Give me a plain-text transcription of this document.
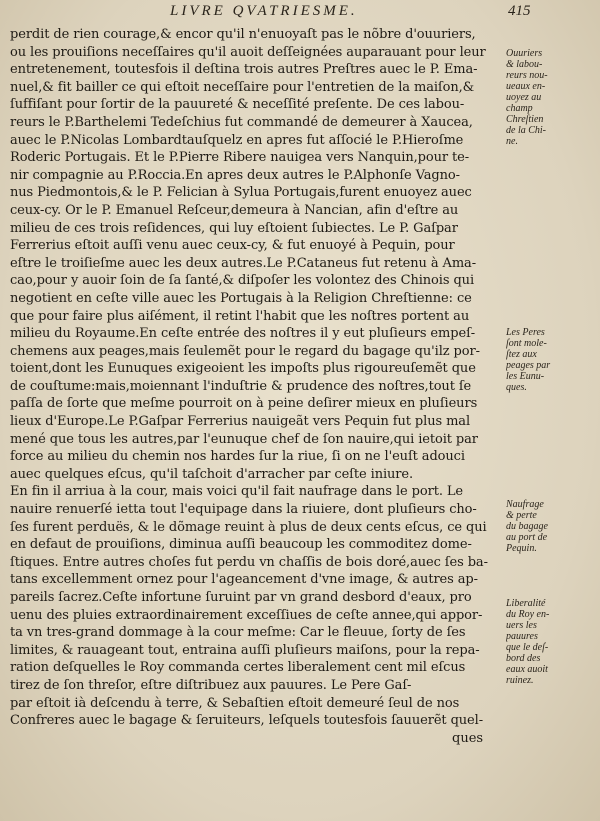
LIVRE QVATRIESME.	415
perdit de rien courage,& encor qu'il n'enuoyaſt pas le nõbre d'ouuriers,
ou les prouiſions neceſſaires qu'il auoit deſſeignées auparauant pour leur
entretenement, toutesfois il deſtina trois autres Preſtres auec le P. Ema-
nuel,& fit bailler ce qui eſtoit neceſſaire pour l'entretien de la maiſon,&
ſuffiſant pour ſortir de la pauureté & neceſſité preſente. De ces labou-
reurs le P.Barthelemi Tedeſchius fut commandé de demeurer à Xaucea,
auec le P.Nicolas Lombardtauſquelz en apres fut aſſocié le P.Hieroſme
Roderic Portugais. Et le P.Pierre Ribere nauigea vers Nanquin,pour te-
nir compagnie au P.Roccia.En apres deux autres le P.Alphonſe Vagno-
nus Piedmontois,& le P. Felician à Sylua Portugais,furent enuoyez auec
ceux-cy. Or le P. Emanuel Reſceur,demeura à Nancian, afin d'eſtre au
milieu de ces trois reſidences, qui luy eſtoient ſubiectes. Le P. Gaſpar
Ferrerius eſtoit auſſi venu auec ceux-cy, & fut enuoyé à Pequin, pour
eſtre le troiſieſme auec les deux autres.Le P.Cataneus fut retenu à Ama-
cao,pour y auoir ſoin de ſa ſanté,& diſpoſer les volontez des Chinois qui
negotient en ceſte ville auec les Portugais à la Religion Chreſtienne: ce
que pour faire plus aiſément, il retint l'habit que les noſtres portent au
milieu du Royaume.En ceſte entrée des noſtres il y eut pluſieurs empeſ-
chemens aux peages,mais ſeulemẽt pour le regard du bagage qu'ilz por-
toient,dont les Eunuques exigeoient les impoſts plus rigoureuſemẽt que
de couſtume:mais,moiennant l'induſtrie & prudence des noſtres,tout ſe
paſſa de ſorte que meſme pourroit on à peine deſirer mieux en pluſieurs
lieux d'Europe.Le P.Gaſpar Ferrerius nauigeãt vers Pequin fut plus mal
mené que tous les autres,par l'eunuque chef de ſon nauire,qui ietoit par
force au milieu du chemin nos hardes ſur la riue, ſi on ne l'euſt adouci
auec quelques eſcus, qu'il taſchoit d'arracher par ceſte iniure.
En fin il arriua à la cour, mais voici qu'il fait naufrage dans le port. Le
nauire renuerſé ietta tout l'equipage dans la riuiere, dont pluſieurs cho-
ſes furent perduës, & le dõmage reuint à plus de deux cents eſcus, ce qui
en defaut de prouiſions, diminua auſſi beaucoup les commoditez dome-
ſtiques. Entre autres choſes fut perdu vn chaſſis de bois doré,auec ſes ba-
tans excellemment ornez pour l'ageancement d'vne image, & autres ap-
pareils ſacrez.Ceſte infortune ſuruint par vn grand desbord d'eaux, pro
uenu des pluies extraordinairement exceſſiues de ceſte annee,qui appor-
ta vn tres-grand dommage à la cour meſme: Car le fleuue, ſorty de ſes
limites, & rauageant tout, entraina auſſi pluſieurs maiſons, pour la repa-
ration deſquelles le Roy commanda certes liberalement cent mil eſcus
tirez de ſon threſor, eſtre diſtribuez aux pauures. Le Pere Gaſ-
par eſtoit ià deſcendu à terre, & Sebaſtien eſtoit demeuré ſeul de nos
Confreres auec le bagage & ſeruiteurs, leſquels toutesfois ſauuerẽt quel-
Ouuriers
& labou-
reurs nou-
ueaux en-
uoyez au
champ
Chreſtien
de la Chi-
ne.
Les Peres
ſont mole-
ſtez aux
peages par
les Eunu-
ques.
Naufrage
& perte
du bagage
au port de
Pequin.
Liberalité
du Roy en-
uers les
pauures
que le deſ-
bord des
eaux auoit
ruinez.
ques
